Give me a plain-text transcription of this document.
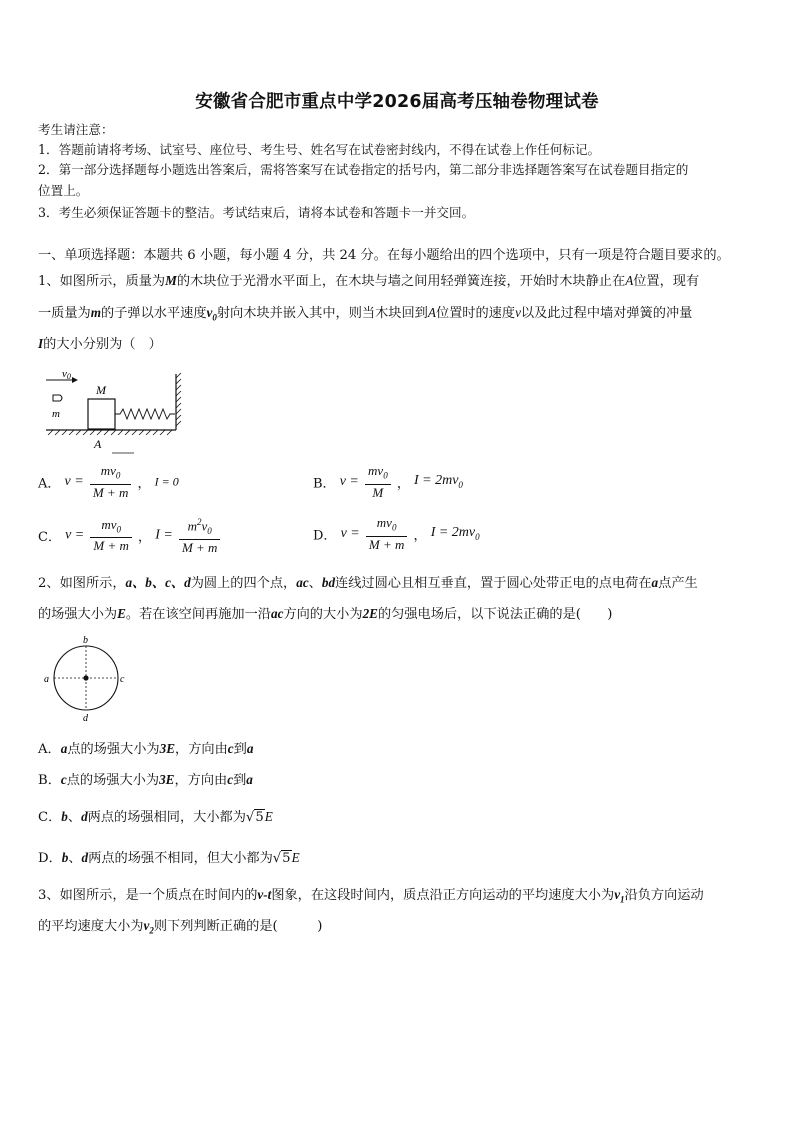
安徽省合肥市重点中学2026届高考压轴卷物理试卷
考生请注意：
1．答题前请将考场、试室号、座位号、考生号、姓名写在试卷密封线内，不得在试卷上作任何标记。
2．第一部分选择题每小题选出答案后，需将答案写在试卷指定的括号内，第二部分非选择题答案写在试卷题目指定的
位置上。
3．考生必须保证答题卡的整洁。考试结束后，请将本试卷和答题卡一并交回。
一、单项选择题：本题共 6 小题，每小题 4 分，共 24 分。在每小题给出的四个选项中，只有一项是符合题目要求的。
1、如图所示，质量为M的木块位于光滑水平面上，在木块与墙之间用轻弹簧连接，开始时木块静止在A位置，现有
一质量为m的子弹以水平速度$v_0$射向木块并嵌入其中，则当木块回到A位置时的速度v以及此过程中墙对弹簧的冲量
I的大小分别为（　）
v0
m
M
A
A． $v = \frac{mv_0}{M + m}$ ， I = 0	B． $v = \frac{mv_0}{M}$ ， $I = 2mv_0$
C． $v = \frac{mv_0}{M + m}$ ， $I = \frac{m^2v_0}{M + m}$	D． $v = \frac{mv_0}{M + m}$ ， $I = 2mv_0$
2、如图所示，a、b、c、d为圆上的四个点，ac、bd连线过圆心且相互垂直，置于圆心处带正电的点电荷在a点产生
的场强大小为E。若在该空间再施加一沿ac方向的大小为2E的匀强电场后，以下说法正确的是(　　)
a	c
b
d
A．a点的场强大小为3E，方向由c到a
B．c点的场强大小为3E，方向由c到a
C．b、d两点的场强相同，大小都为√5E
D．b、d两点的场强不相同，但大小都为√5E
3、如图所示，是一个质点在时间内的v-t图象，在这段时间内，质点沿正方向运动的平均速度大小为$v_1$沿负方向运动
的平均速度大小为$v_2$则下列判断正确的是(　　　)
